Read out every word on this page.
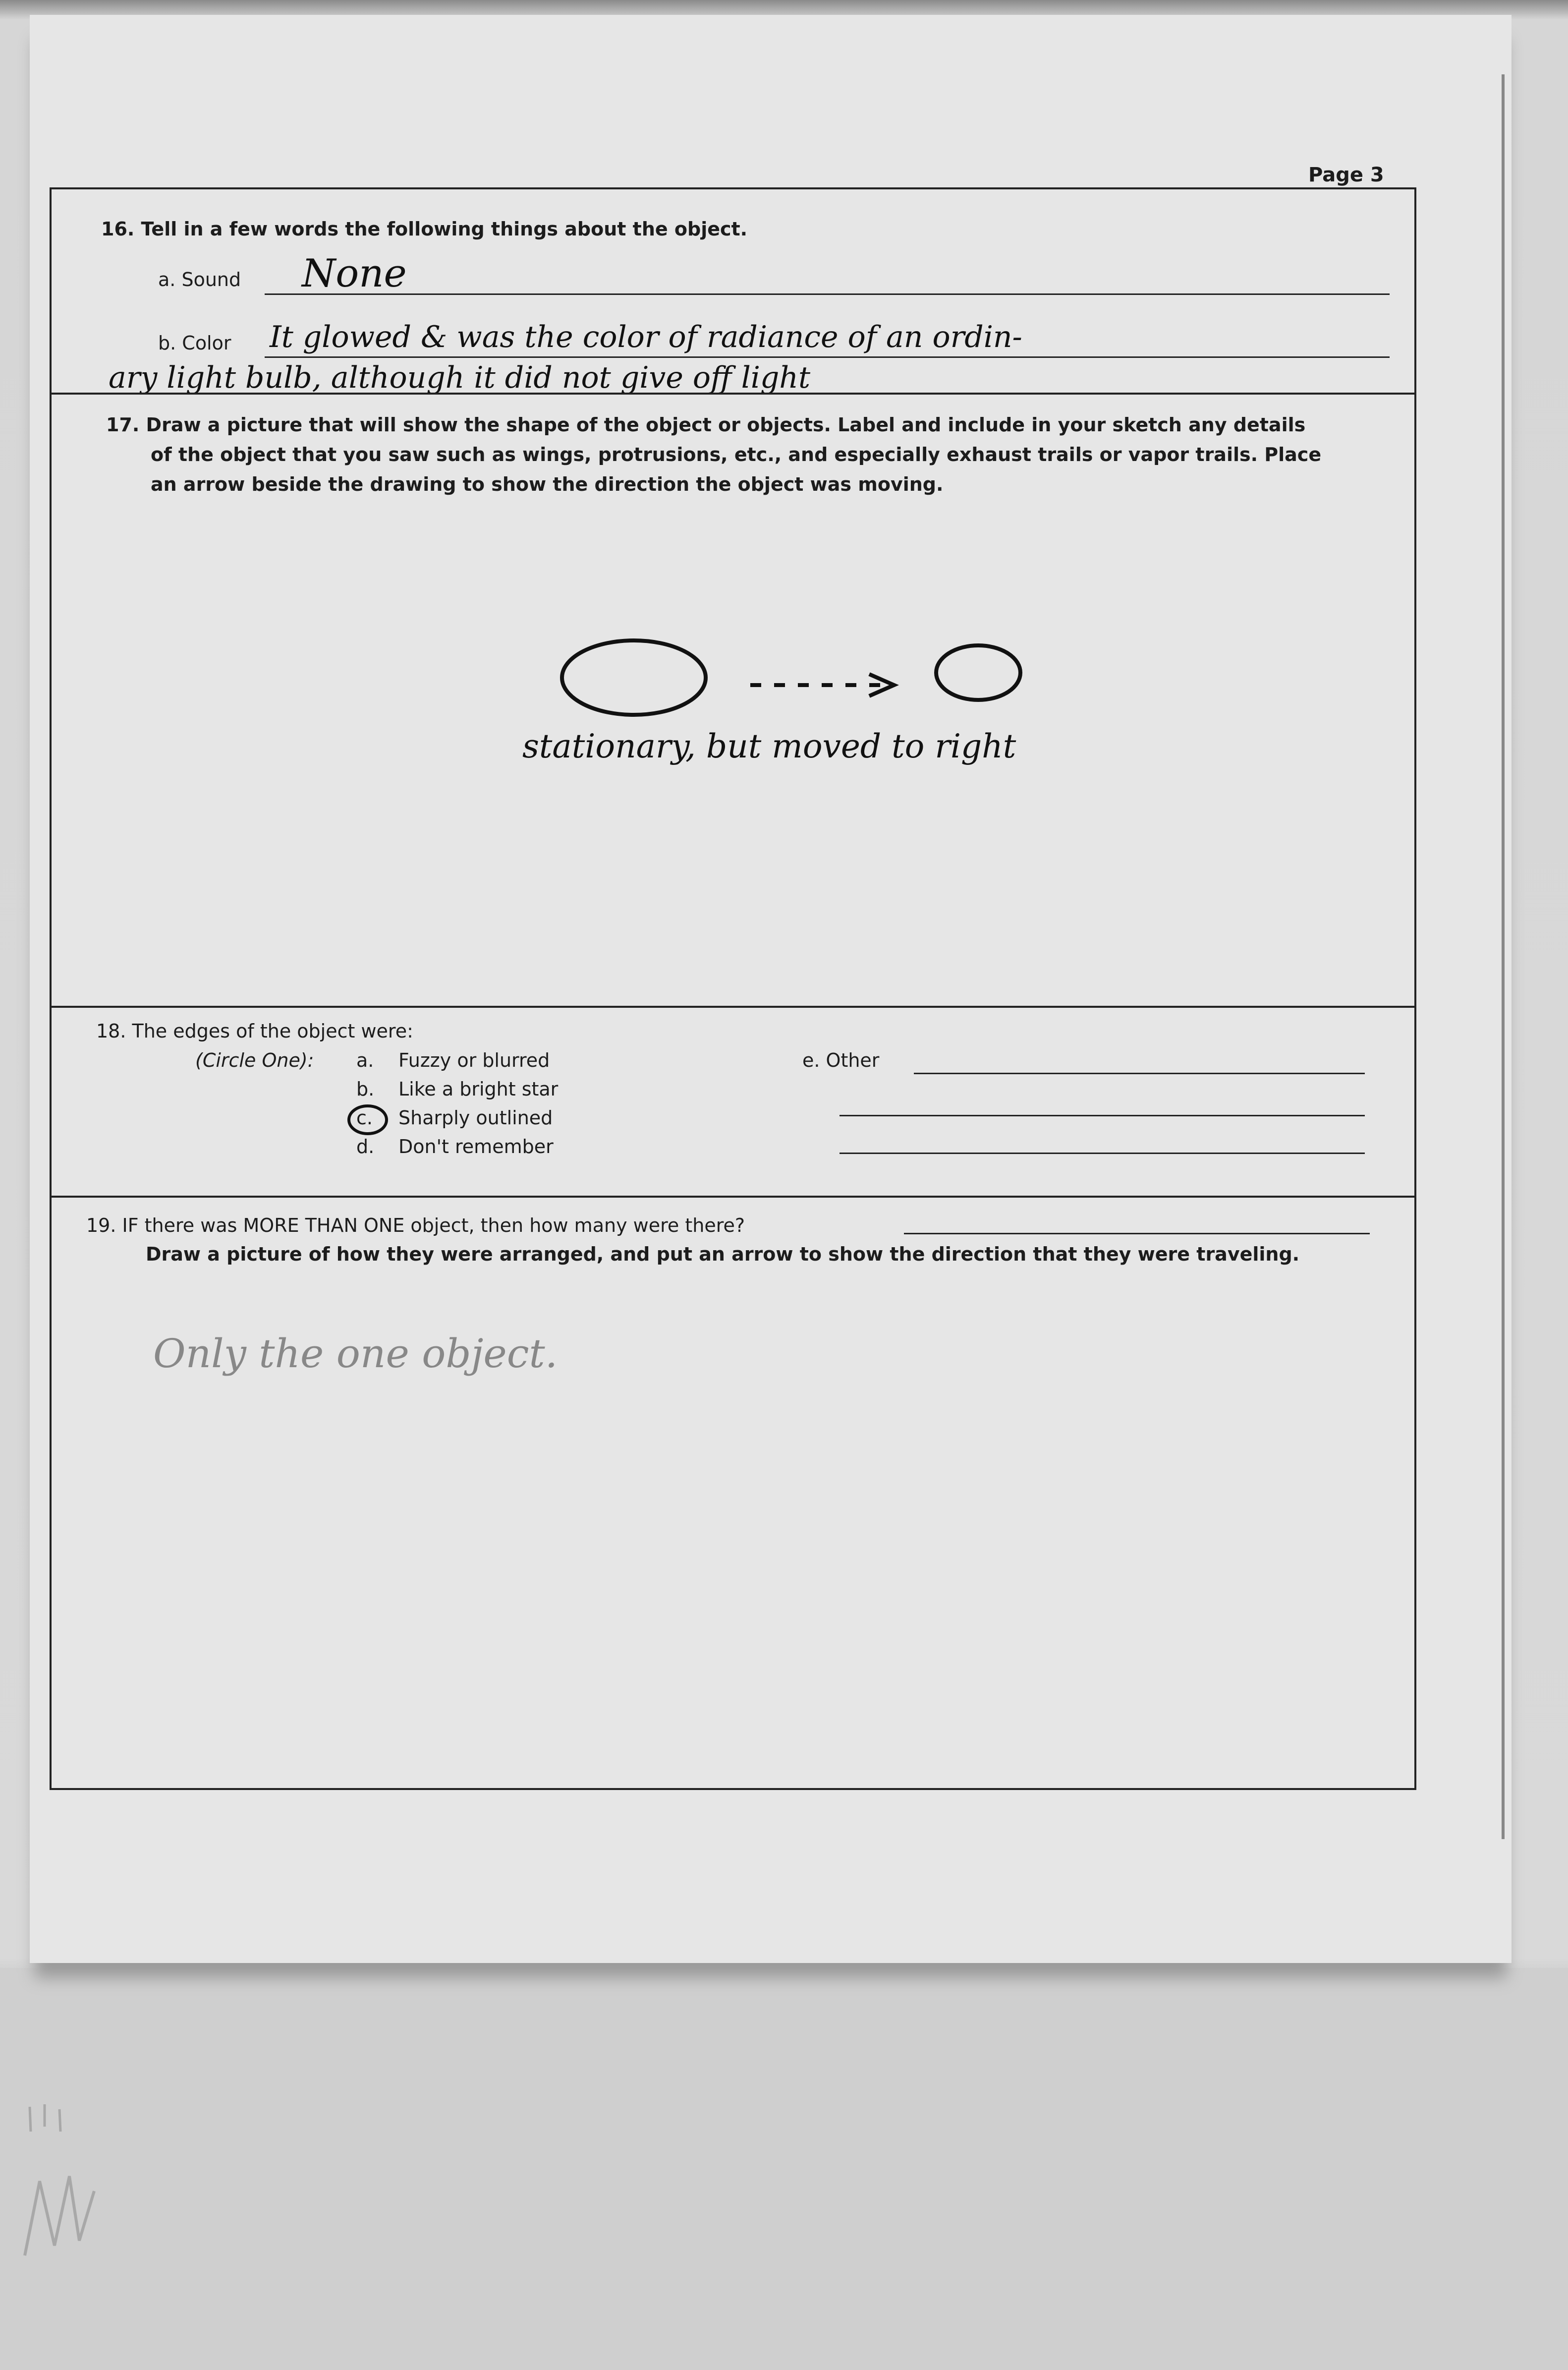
Page 3
16. Tell in a few words the following things about the object.
a. Sound None
b. Color It glowed & was the color of radiance of an ordin-
ary light bulb, although it did not give off light
17. Draw a picture that will show the shape of the object or objects. Label and include in your sketch any details
of the object that you saw such as wings, protrusions, etc., and especially exhaust trails or vapor trails. Place
an arrow beside the drawing to show the direction the object was moving.
stationary, but moved to right
18. The edges of the object were:
(Circle One): a. Fuzzy or blurred
b. Like a bright star
c. Sharply outlined
d. Don't remember
e. Other
19. IF there was MORE THAN ONE object, then how many were there?
Draw a picture of how they were arranged, and put an arrow to show the direction that they were traveling.
Only the one object.
